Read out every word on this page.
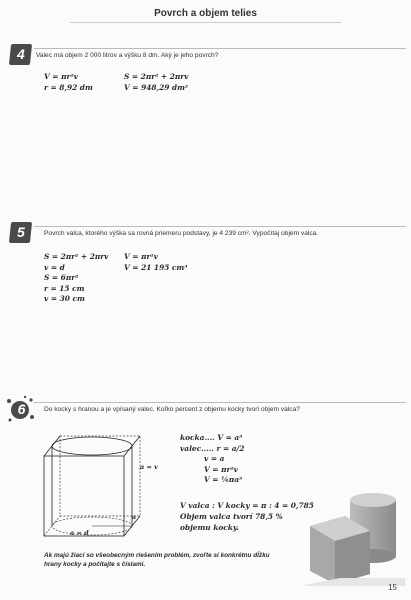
Povrch a objem telies
4	Valec má objem 2 000 litrov a výšku 8 dm. Aký je jeho povrch?
V = πr²v
r = 8,92 dm
S = 2πr² + 2πrv
V = 948,29 dm²
5	Povrch valca, ktorého výška sa rovná priemeru podstavy, je 4 239 cm². Vypočítaj objem valca.
S = 2πr² + 2πrv
v = d
S = 6πr²
r = 15 cm
v = 30 cm
V = πr²v
V = 21 195 cm³
6	Do kocky s hranou a je vpísaný valec. Koľko percent z objemu kocky tvorí objem valca?
a = v
a = d
a
kocka.... V = a³
valec..... r = a/2
v = a
V = πr²v
V = ¼πa³
V valca : V kocky = π : 4 = 0,785
Objem valca tvorí 78,5 %
objemu kocky.
Ak majú žiaci so všeobecným riešením problém, zvoľte si konkrétnu dĺžku hrany kocky a počítajte s číslami.
15
